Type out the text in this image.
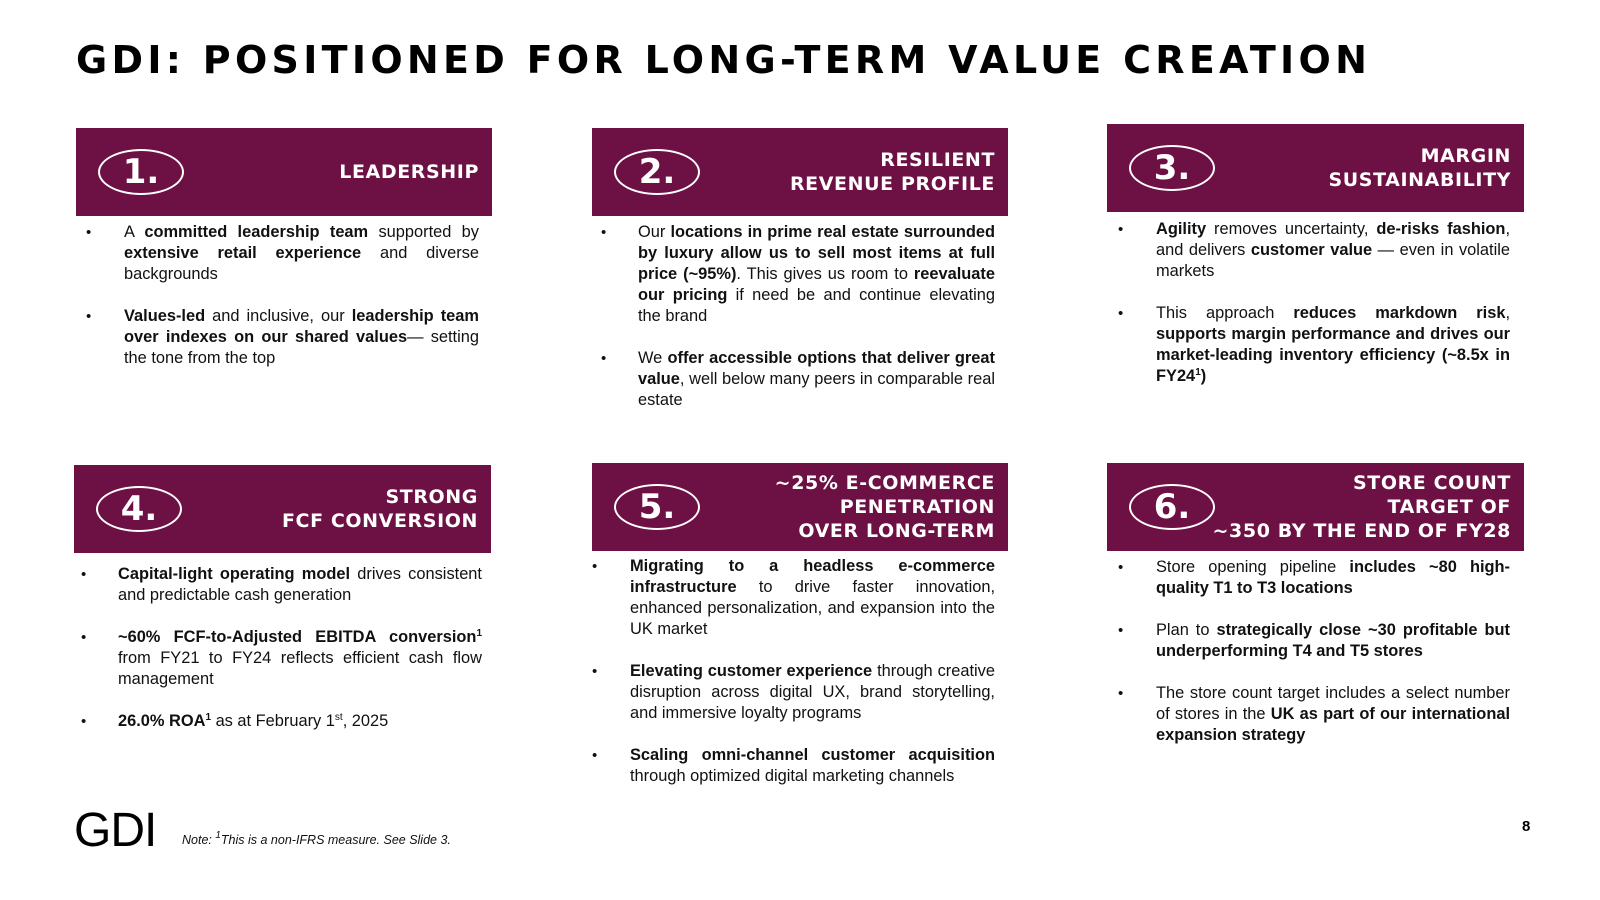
GDI: POSITIONED FOR LONG-TERM VALUE CREATION
1.	LEADERSHIP
• A committed leadership team supported by extensive retail experience and diverse backgrounds
• Values-led and inclusive, our leadership team over indexes on our shared values— setting the tone from the top
2.	RESILIENT
REVENUE PROFILE
• Our locations in prime real estate surrounded by luxury allow us to sell most items at full price (~95%). This gives us room to reevaluate our pricing if need be and continue elevating the brand
• We offer accessible options that deliver great value, well below many peers in comparable real estate
3.	MARGIN
SUSTAINABILITY
• Agility removes uncertainty, de-risks fashion, and delivers customer value — even in volatile markets
• This approach reduces markdown risk, supports margin performance and drives our market-leading inventory efficiency (~8.5x in $FY24^1$)
4.	STRONG
FCF CONVERSION
• Capital-light operating model drives consistent and predictable cash generation
• ~60% FCF-to-Adjusted EBITDA conversion$^1$ from FY21 to FY24 reflects efficient cash flow management
• 26.0% ROA$^1$ as at February 1st, 2025
5.
~25% E-COMMERCE
PENETRATION
OVER LONG-TERM
• Migrating to a headless e-commerce infrastructure to drive faster innovation, enhanced personalization, and expansion into the UK market
• Elevating customer experience through creative disruption across digital UX, brand storytelling, and immersive loyalty programs
• Scaling omni-channel customer acquisition through optimized digital marketing channels
6.
STORE COUNT
TARGET OF
~350 BY THE END OF FY28
• Store opening pipeline includes ~80 high-quality T1 to T3 locations
• Plan to strategically close ~30 profitable but underperforming T4 and T5 stores
• The store count target includes a select number of stores in the UK as part of our international expansion strategy
GDI Note: $^1$This is a non-IFRS measure. See Slide 3.
8
